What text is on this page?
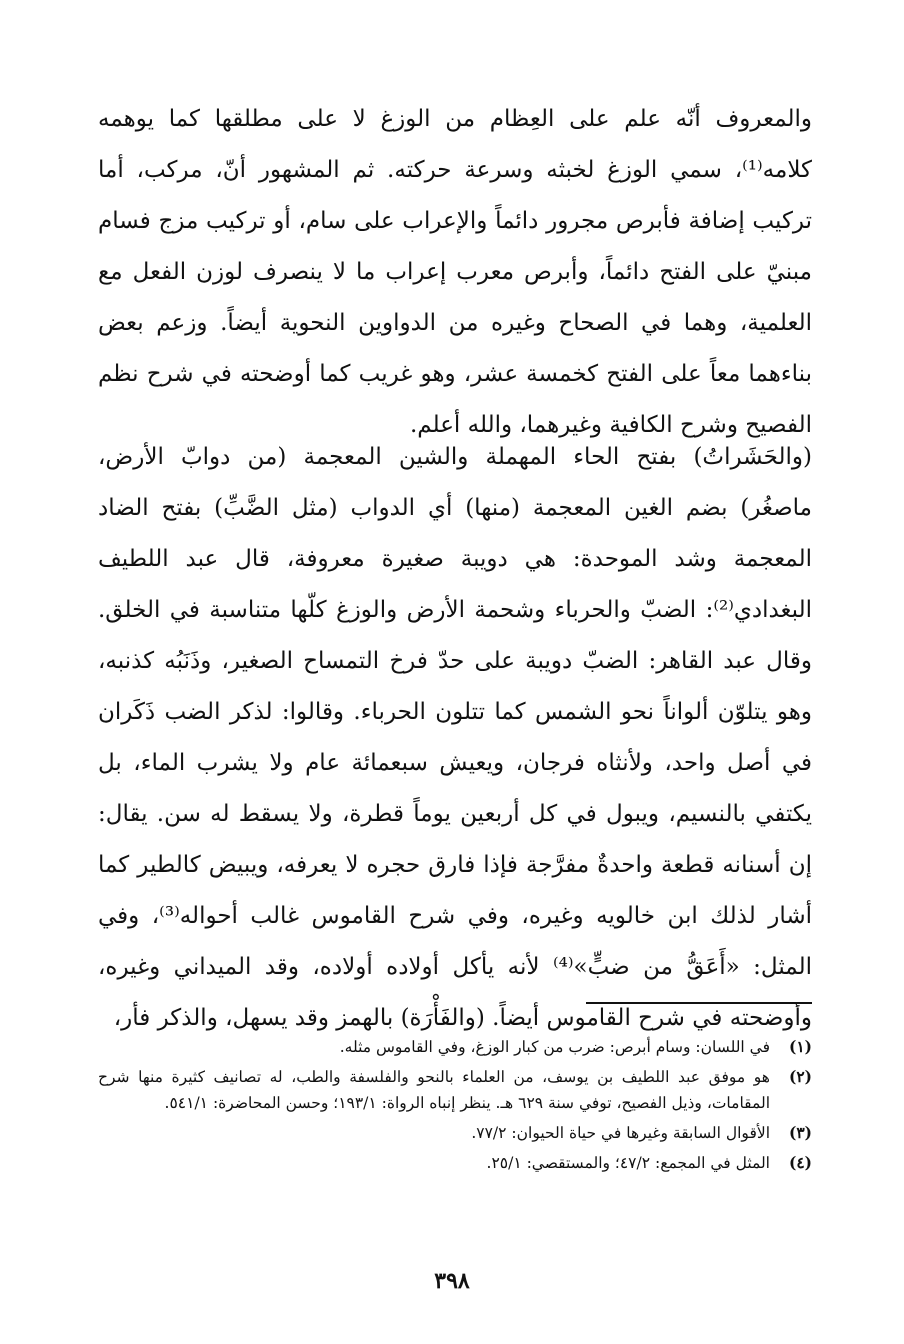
والمعروف أنّه علم على العِظام من الوزغ لا على مطلقها كما يوهمه كلامه⁽¹⁾، سمي الوزغ لخبثه وسرعة حركته. ثم المشهور أنّ، مركب، أما تركيب إضافة فأبرص مجرور دائماً والإعراب على سام، أو تركيب مزج فسام مبنيّ على الفتح دائماً، وأبرص معرب إعراب ما لا ينصرف لوزن الفعل مع العلمية، وهما في الصحاح وغيره من الدواوين النحوية أيضاً. وزعم بعض بناءهما معاً على الفتح كخمسة عشر، وهو غريب كما أوضحته في شرح نظم الفصيح وشرح الكافية وغيرهما، والله أعلم.

(والحَشَراتُ) بفتح الحاء المهملة والشين المعجمة (من دوابّ الأرض، ماصغُر) بضم الغين المعجمة (منها) أي الدواب (مثل الضَّبِّ) بفتح الضاد المعجمة وشد الموحدة: هي دويبة صغيرة معروفة، قال عبد اللطيف البغدادي⁽²⁾: الضبّ والحرباء وشحمة الأرض والوزغ كلّها متناسبة في الخلق. وقال عبد القاهر: الضبّ دويبة على حدّ فرخ التمساح الصغير، وذَنَبُه كذنبه، وهو يتلوّن ألواناً نحو الشمس كما تتلون الحرباء. وقالوا: لذكر الضب ذَكَران في أصل واحد، ولأنثاه فرجان، ويعيش سبعمائة عام ولا يشرب الماء، بل يكتفي بالنسيم، ويبول في كل أربعين يوماً قطرة، ولا يسقط له سن. يقال: إن أسنانه قطعة واحدةٌ مفرَّجة فإذا فارق حجره لا يعرفه، ويبيض كالطير كما أشار لذلك ابن خالويه وغيره، وفي شرح القاموس غالب أحواله⁽³⁾، وفي المثل: «أَعَقُّ من ضبٍّ»⁽⁴⁾ لأنه يأكل أولاده أولاده، وقد الميداني وغيره، وأوضحته في شرح القاموس أيضاً. (والفَأْرَة) بالهمز وقد يسهل، والذكر فأر،

(١)
في اللسان: وسام أبرص: ضرب من كبار الوزغ، وفي القاموس مثله.
(٢)
هو موفق عبد اللطيف بن يوسف، من العلماء بالنحو والفلسفة والطب، له تصانيف كثيرة منها شرح المقامات، وذيل الفصيح، توفي سنة ٦٢٩ هـ. ينظر إنباه الرواة: ١٩٣/١؛ وحسن المحاضرة: ٥٤١/١.
(٣)
الأقوال السابقة وغيرها في حياة الحيوان: ٧٧/٢.
(٤)
المثل في المجمع: ٤٧/٢؛ والمستقصي: ٢٥/١.
٣٩٨
